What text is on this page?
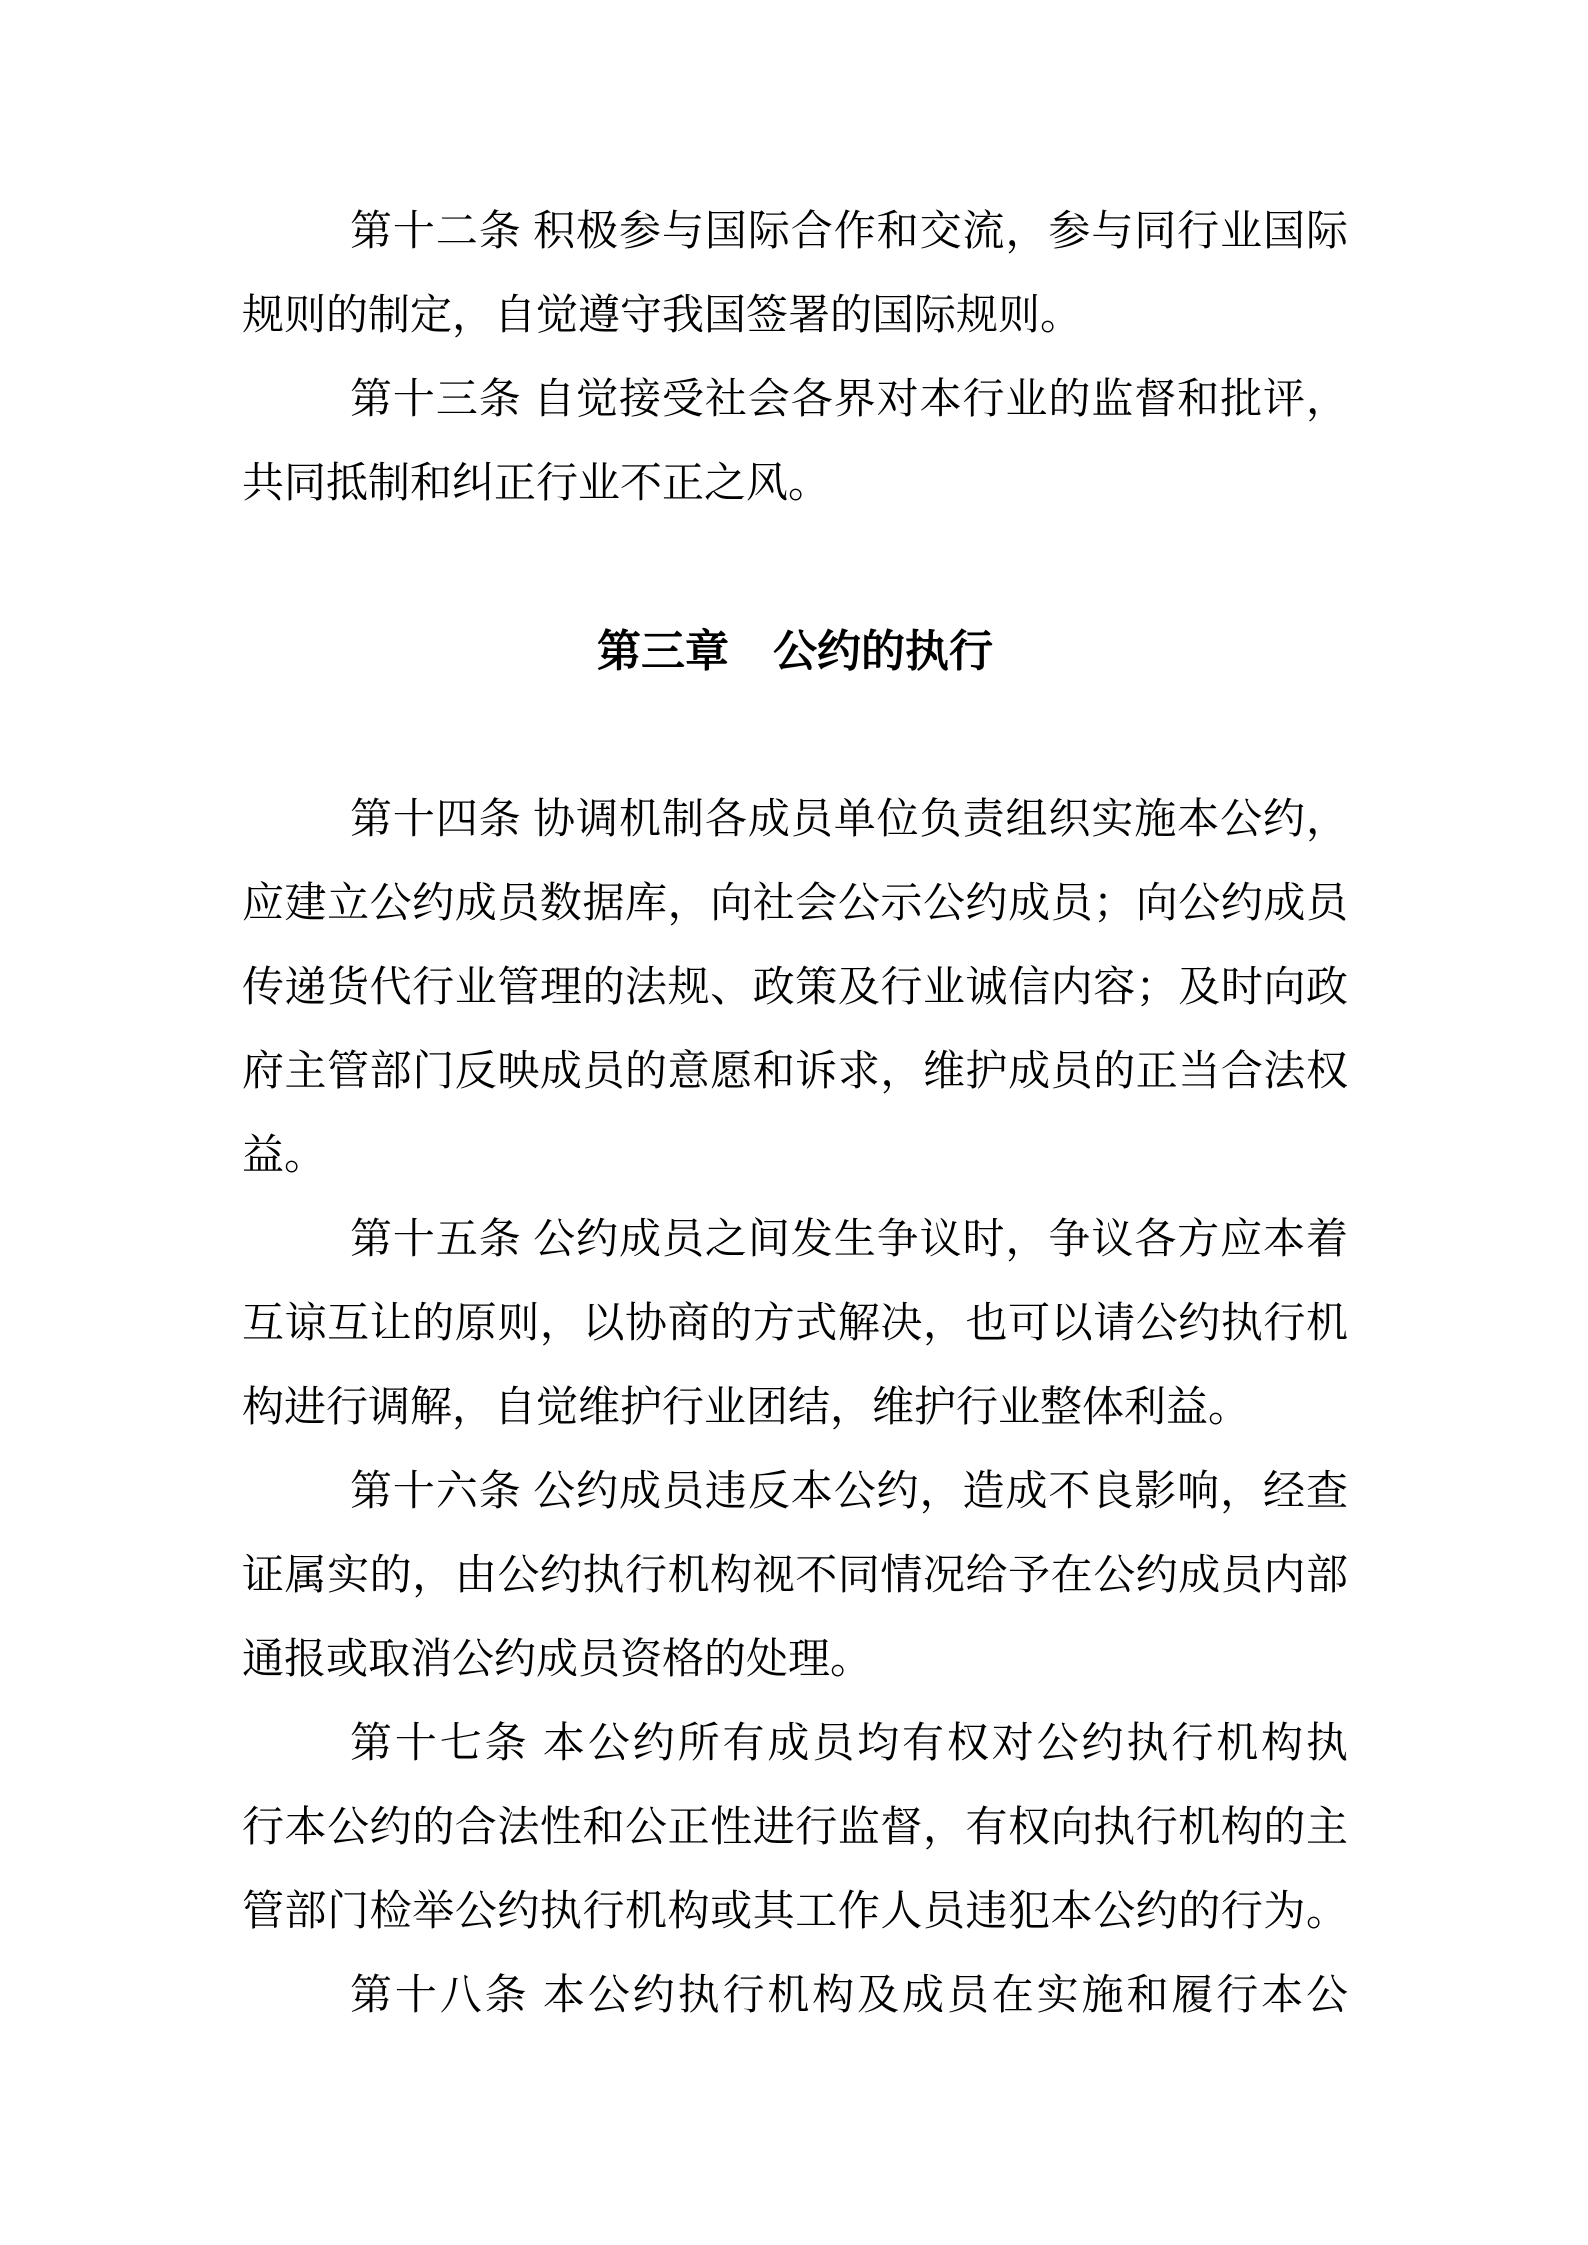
第十二条 积极参与国际合作和交流，参与同行业国际
规则的制定，自觉遵守我国签署的国际规则。
第十三条 自觉接受社会各界对本行业的监督和批评，
共同抵制和纠正行业不正之风。
第三章　公约的执行
第十四条 协调机制各成员单位负责组织实施本公约，
应建立公约成员数据库，向社会公示公约成员；向公约成员
传递货代行业管理的法规、政策及行业诚信内容；及时向政
府主管部门反映成员的意愿和诉求，维护成员的正当合法权
益。
第十五条 公约成员之间发生争议时，争议各方应本着
互谅互让的原则，以协商的方式解决，也可以请公约执行机
构进行调解，自觉维护行业团结，维护行业整体利益。
第十六条 公约成员违反本公约，造成不良影响，经查
证属实的，由公约执行机构视不同情况给予在公约成员内部
通报或取消公约成员资格的处理。
第十七条 本公约所有成员均有权对公约执行机构执
行本公约的合法性和公正性进行监督，有权向执行机构的主
管部门检举公约执行机构或其工作人员违犯本公约的行为。
第十八条 本公约执行机构及成员在实施和履行本公
